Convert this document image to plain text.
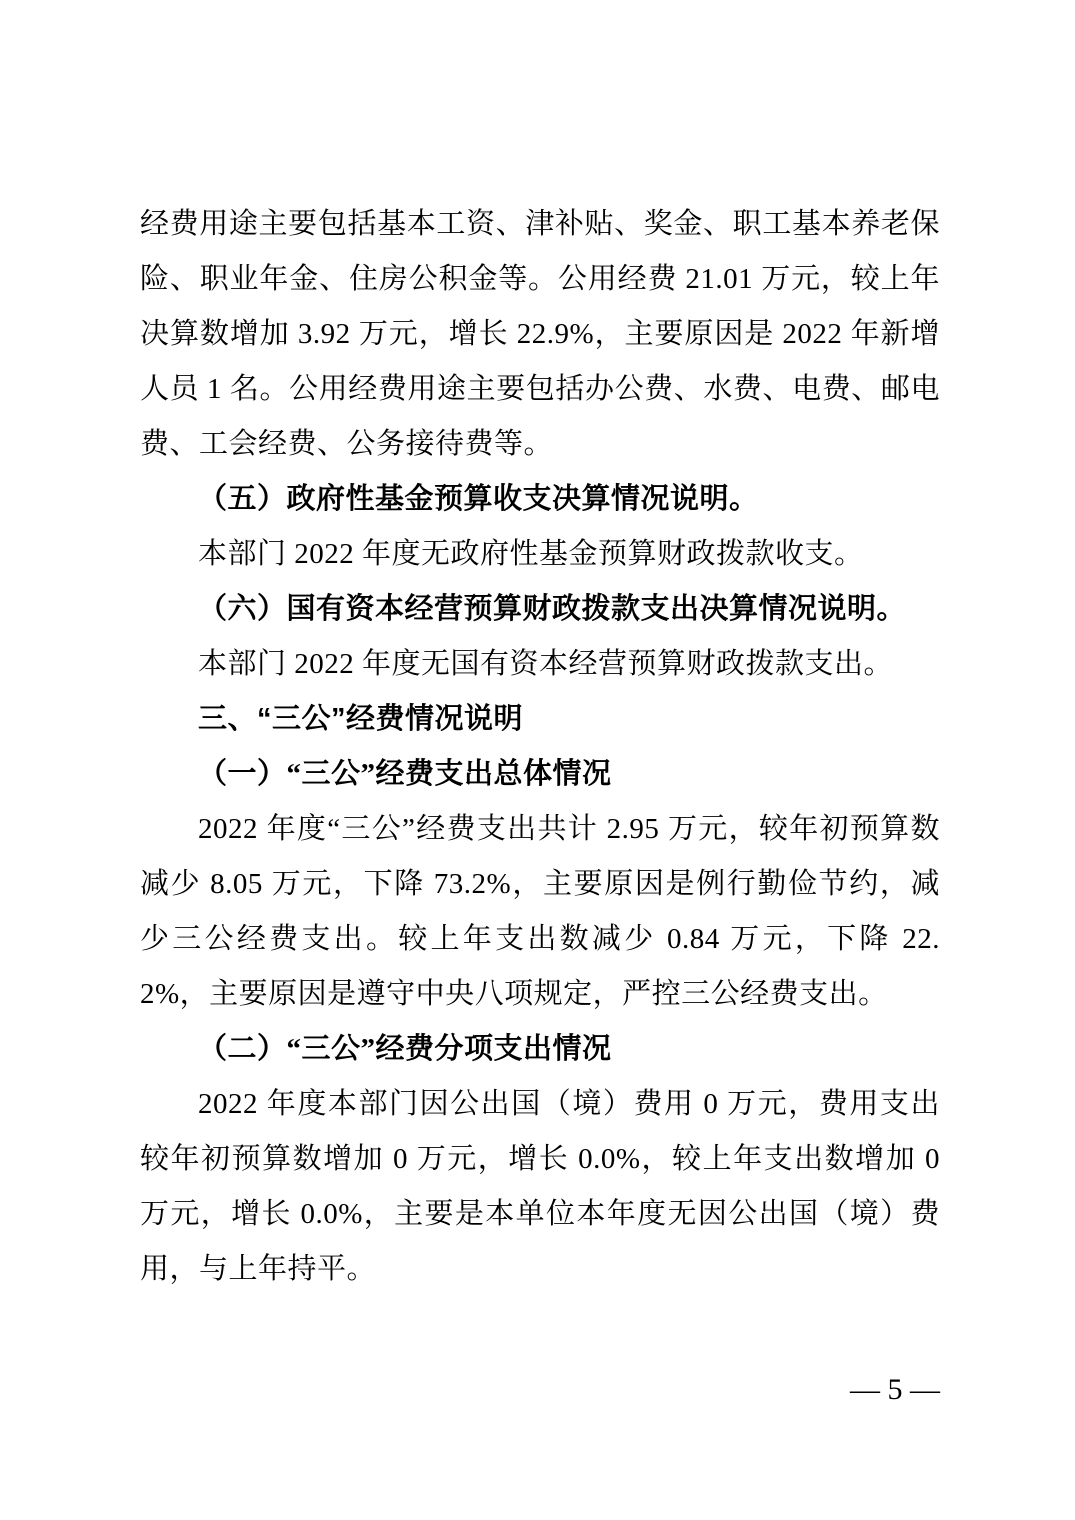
经费用途主要包括基本工资、津补贴、奖金、职工基本养老保险、职业年金、住房公积金等。公用经费 21.01 万元，较上年决算数增加 3.92 万元，增长 22.9%，主要原因是 2022 年新增人员 1 名。公用经费用途主要包括办公费、水费、电费、邮电费、工会经费、公务接待费等。

（五）政府性基金预算收支决算情况说明。

本部门 2022 年度无政府性基金预算财政拨款收支。

（六）国有资本经营预算财政拨款支出决算情况说明。

本部门 2022 年度无国有资本经营预算财政拨款支出。

三、“三公”经费情况说明

（一）“三公”经费支出总体情况

2022 年度“三公”经费支出共计 2.95 万元，较年初预算数减少 8.05 万元，下降 73.2%，主要原因是例行勤俭节约，减少三公经费支出。较上年支出数减少 0.84 万元，下降 22.2%，主要原因是遵守中央八项规定，严控三公经费支出。

（二）“三公”经费分项支出情况

2022 年度本部门因公出国（境）费用 0 万元，费用支出较年初预算数增加 0 万元，增长 0.0%，较上年支出数增加 0 万元，增长 0.0%，主要是本单位本年度无因公出国（境）费用，与上年持平。

— 5 —
